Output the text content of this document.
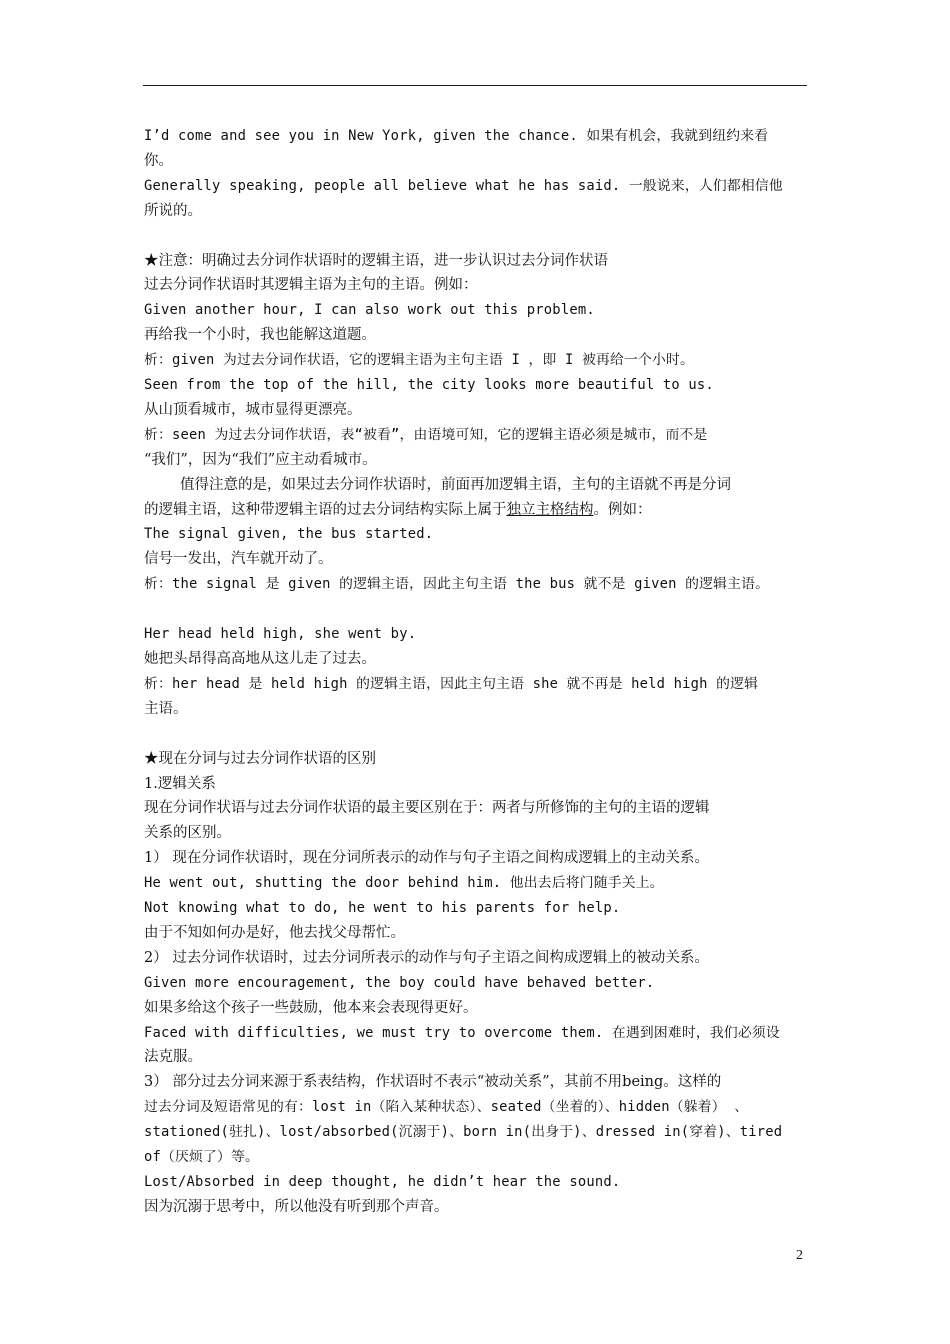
I’d come and see you in New York, given the chance. 如果有机会，我就到纽约来看
你。
Generally speaking, people all believe what he has said. 一般说来，人们都相信他
所说的。
★注意：明确过去分词作状语时的逻辑主语，进一步认识过去分词作状语
过去分词作状语时其逻辑主语为主句的主语。例如：
Given another hour, I can also work out this problem.
再给我一个小时，我也能解这道题。
析：given 为过去分词作状语，它的逻辑主语为主句主语 I ，即 I 被再给一个小时。
Seen from the top of the hill, the city looks more beautiful to us.
从山顶看城市，城市显得更漂亮。
析：seen 为过去分词作状语，表“被看”，由语境可知，它的逻辑主语必须是城市，而不是
“我们”，因为“我们”应主动看城市。
值得注意的是，如果过去分词作状语时，前面再加逻辑主语，主句的主语就不再是分词
的逻辑主语，这种带逻辑主语的过去分词结构实际上属于独立主格结构。例如：
The signal given, the bus started.
信号一发出，汽车就开动了。
析：the signal 是 given 的逻辑主语，因此主句主语 the bus 就不是 given 的逻辑主语。
Her head held high, she went by.
她把头昂得高高地从这儿走了过去。
析：her head 是 held high 的逻辑主语，因此主句主语 she 就不再是 held high 的逻辑
主语。
★现在分词与过去分词作状语的区别
1.逻辑关系
现在分词作状语与过去分词作状语的最主要区别在于：两者与所修饰的主句的主语的逻辑
关系的区别。
1） 现在分词作状语时，现在分词所表示的动作与句子主语之间构成逻辑上的主动关系。
He went out, shutting the door behind him. 他出去后将门随手关上。
Not knowing what to do, he went to his parents for help.
由于不知如何办是好，他去找父母帮忙。
2） 过去分词作状语时，过去分词所表示的动作与句子主语之间构成逻辑上的被动关系。
Given more encouragement, the boy could have behaved better.
如果多给这个孩子一些鼓励，他本来会表现得更好。
Faced with difficulties, we must try to overcome them. 在遇到困难时，我们必须设
法克服。
3） 部分过去分词来源于系表结构，作状语时不表示“被动关系”，其前不用being。这样的
过去分词及短语常见的有：lost in（陷入某种状态）、seated（坐着的）、hidden（躲着） 、
stationed(驻扎)、lost/absorbed(沉溺于)、born in(出身于)、dressed in(穿着)、tired
of（厌烦了）等。
Lost/Absorbed in deep thought, he didn’t hear the sound.
因为沉溺于思考中，所以他没有听到那个声音。
2
